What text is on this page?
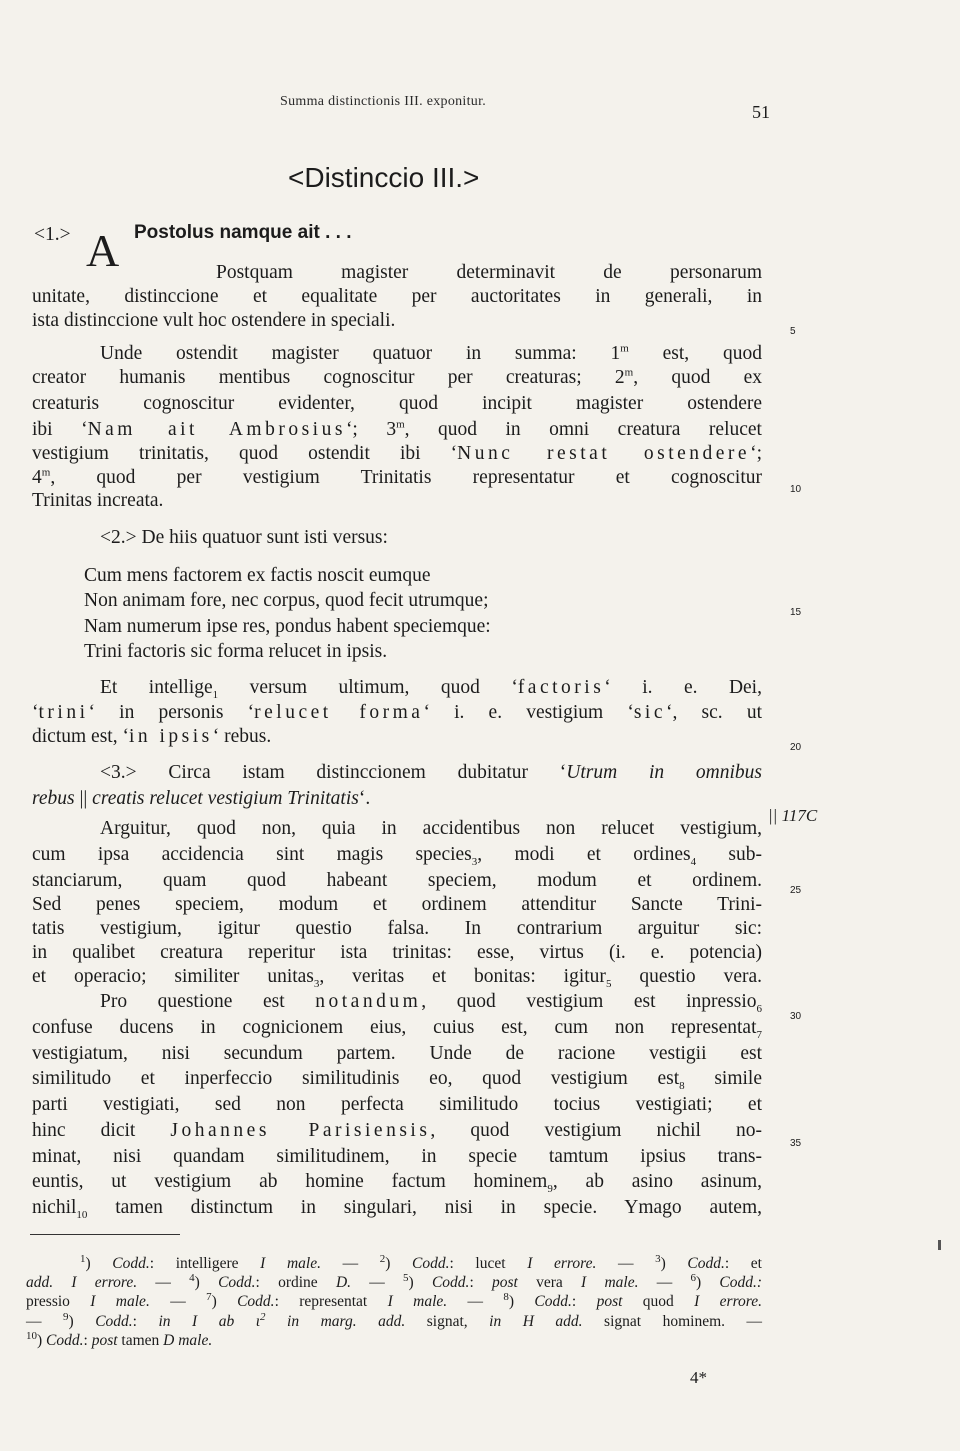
Summa distinctionis III. exponitur.
51
<Distinccio III.>
<1.> A Postolus namque ait . . .
Postquam magister determinavit de personarum
unitate, distinccione et equalitate per auctoritates in generali, in
ista distinccione vult hoc ostendere in speciali.
Unde ostendit magister quatuor in summa: 1$^m$ est, quod
creator humanis mentibus cognoscitur per creaturas; 2$^m$, quod ex
creaturis cognoscitur evidenter, quod incipit magister ostendere
ibi ‘Nam ait Ambrosius‘; 3$^m$, quod in omni creatura relucet
vestigium trinitatis, quod ostendit ibi ‘Nunc restat ostendere‘;
4$^m$, quod per vestigium Trinitatis representatur et cognoscitur
Trinitas increata.
<2.> De hiis quatuor sunt isti versus:
Cum mens factorem ex factis noscit eumque
Non animam fore, nec corpus, quod fecit utrumque;
Nam numerum ipse res, pondus habent speciemque:
Trini factoris sic forma relucet in ipsis.
Et intellige$_1$ versum ultimum, quod ‘factoris‘ i. e. Dei,
‘trini‘ in personis ‘relucet forma‘ i. e. vestigium ‘sic‘, sc. ut
dictum est, ‘in ipsis‘ rebus.
<3.> Circa istam distinccionem dubitatur ‘Utrum in omnibus
rebus || creatis relucet vestigium Trinitatis‘.
Arguitur, quod non, quia in accidentibus non relucet vestigium,
cum ipsa accidencia sint magis species$_3$, modi et ordines$_4$ sub-
stanciarum, quam quod habeant speciem, modum et ordinem.
Sed penes speciem, modum et ordinem attenditur Sancte Trini-
tatis vestigium, igitur questio falsa. In contrarium arguitur sic:
in qualibet creatura reperitur ista trinitas: esse, virtus (i. e. potencia)
et operacio; similiter unitas$_3$, veritas et bonitas: igitur$_5$ questio vera.
Pro questione est notandum, quod vestigium est inpressio$_6$
confuse ducens in cognicionem eius, cuius est, cum non representat$_7$
vestigiatum, nisi secundum partem. Unde de racione vestigii est
similitudo et inperfeccio similitudinis eo, quod vestigium est$_8$ simile
parti vestigiati, sed non perfecta similitudo tocius vestigiati; et
hinc dicit Johannes Parisiensis, quod vestigium nichil no-
minat, nisi quandam similitudinem, in specie tamtum ipsius trans-
euntis, ut vestigium ab homine factum hominem$_9$, ab asino asinum,
nichil$_{10}$ tamen distinctum in singulari, nisi in specie. Ymago autem,
5
10
15
20
25
30
35
|| 117C
$^1$) Codd.: intelligere I male. — $^2$) Codd.: lucet I errore. — $^3$) Codd.: et
add. I errore. — $^4$) Codd.: ordine D. — $^5$) Codd.: post vera I male. — $^6$) Codd.:
pressio I male. — $^7$) Codd.: representat I male. — $^8$) Codd.: post quod I errore.
— $^9$) Codd.: in I ab $\iota^2$ in marg. add. signat, in H add. signat hominem. —
$^{10}$) Codd.: post tamen D male.
4*
